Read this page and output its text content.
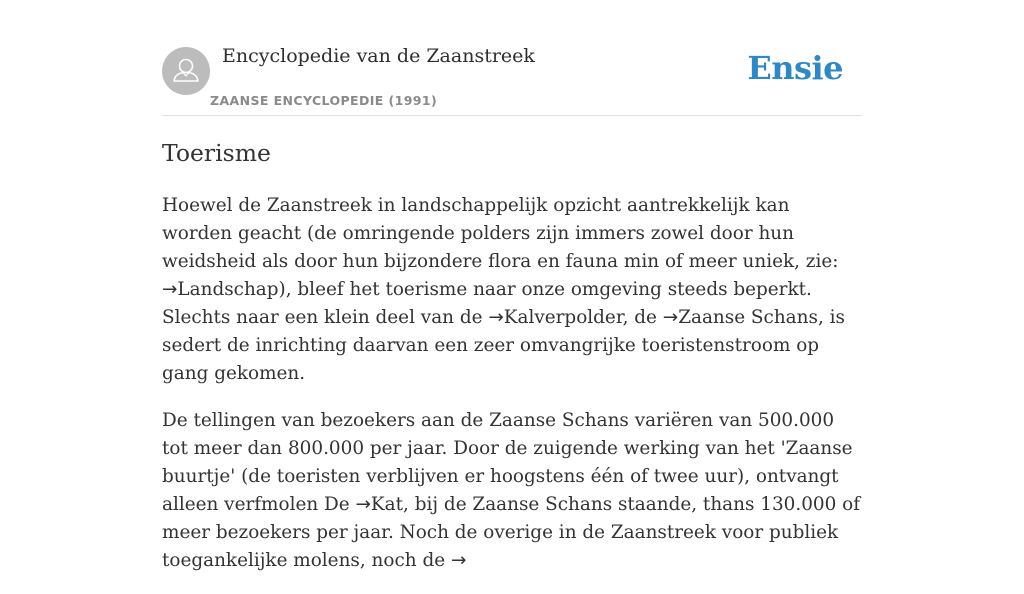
Encyclopedie van de Zaanstreek
ZAANSE ENCYCLOPEDIE (1991)
Ensie
Toerisme

Hoewel de Zaanstreek in landschappelijk opzicht aantrekkelijk kan worden geacht (de omringende polders zijn immers zowel door hun weidsheid als door hun bijzondere flora en fauna min of meer uniek, zie: →Landschap), bleef het toerisme naar onze omgeving steeds beperkt. Slechts naar een klein deel van de →Kalverpolder, de →Zaanse Schans, is sedert de inrichting daarvan een zeer omvangrijke toeristenstroom op gang gekomen.

De tellingen van bezoekers aan de Zaanse Schans variëren van 500.000 tot meer dan 800.000 per jaar. Door de zuigende werking van het 'Zaanse buurtje' (de toeristen verblijven er hoogstens één of twee uur), ontvangt alleen verfmolen De →Kat, bij de Zaanse Schans staande, thans 130.000 of meer bezoekers per jaar. Noch de overige in de Zaanstreek voor publiek toegankelijke molens, noch de →
